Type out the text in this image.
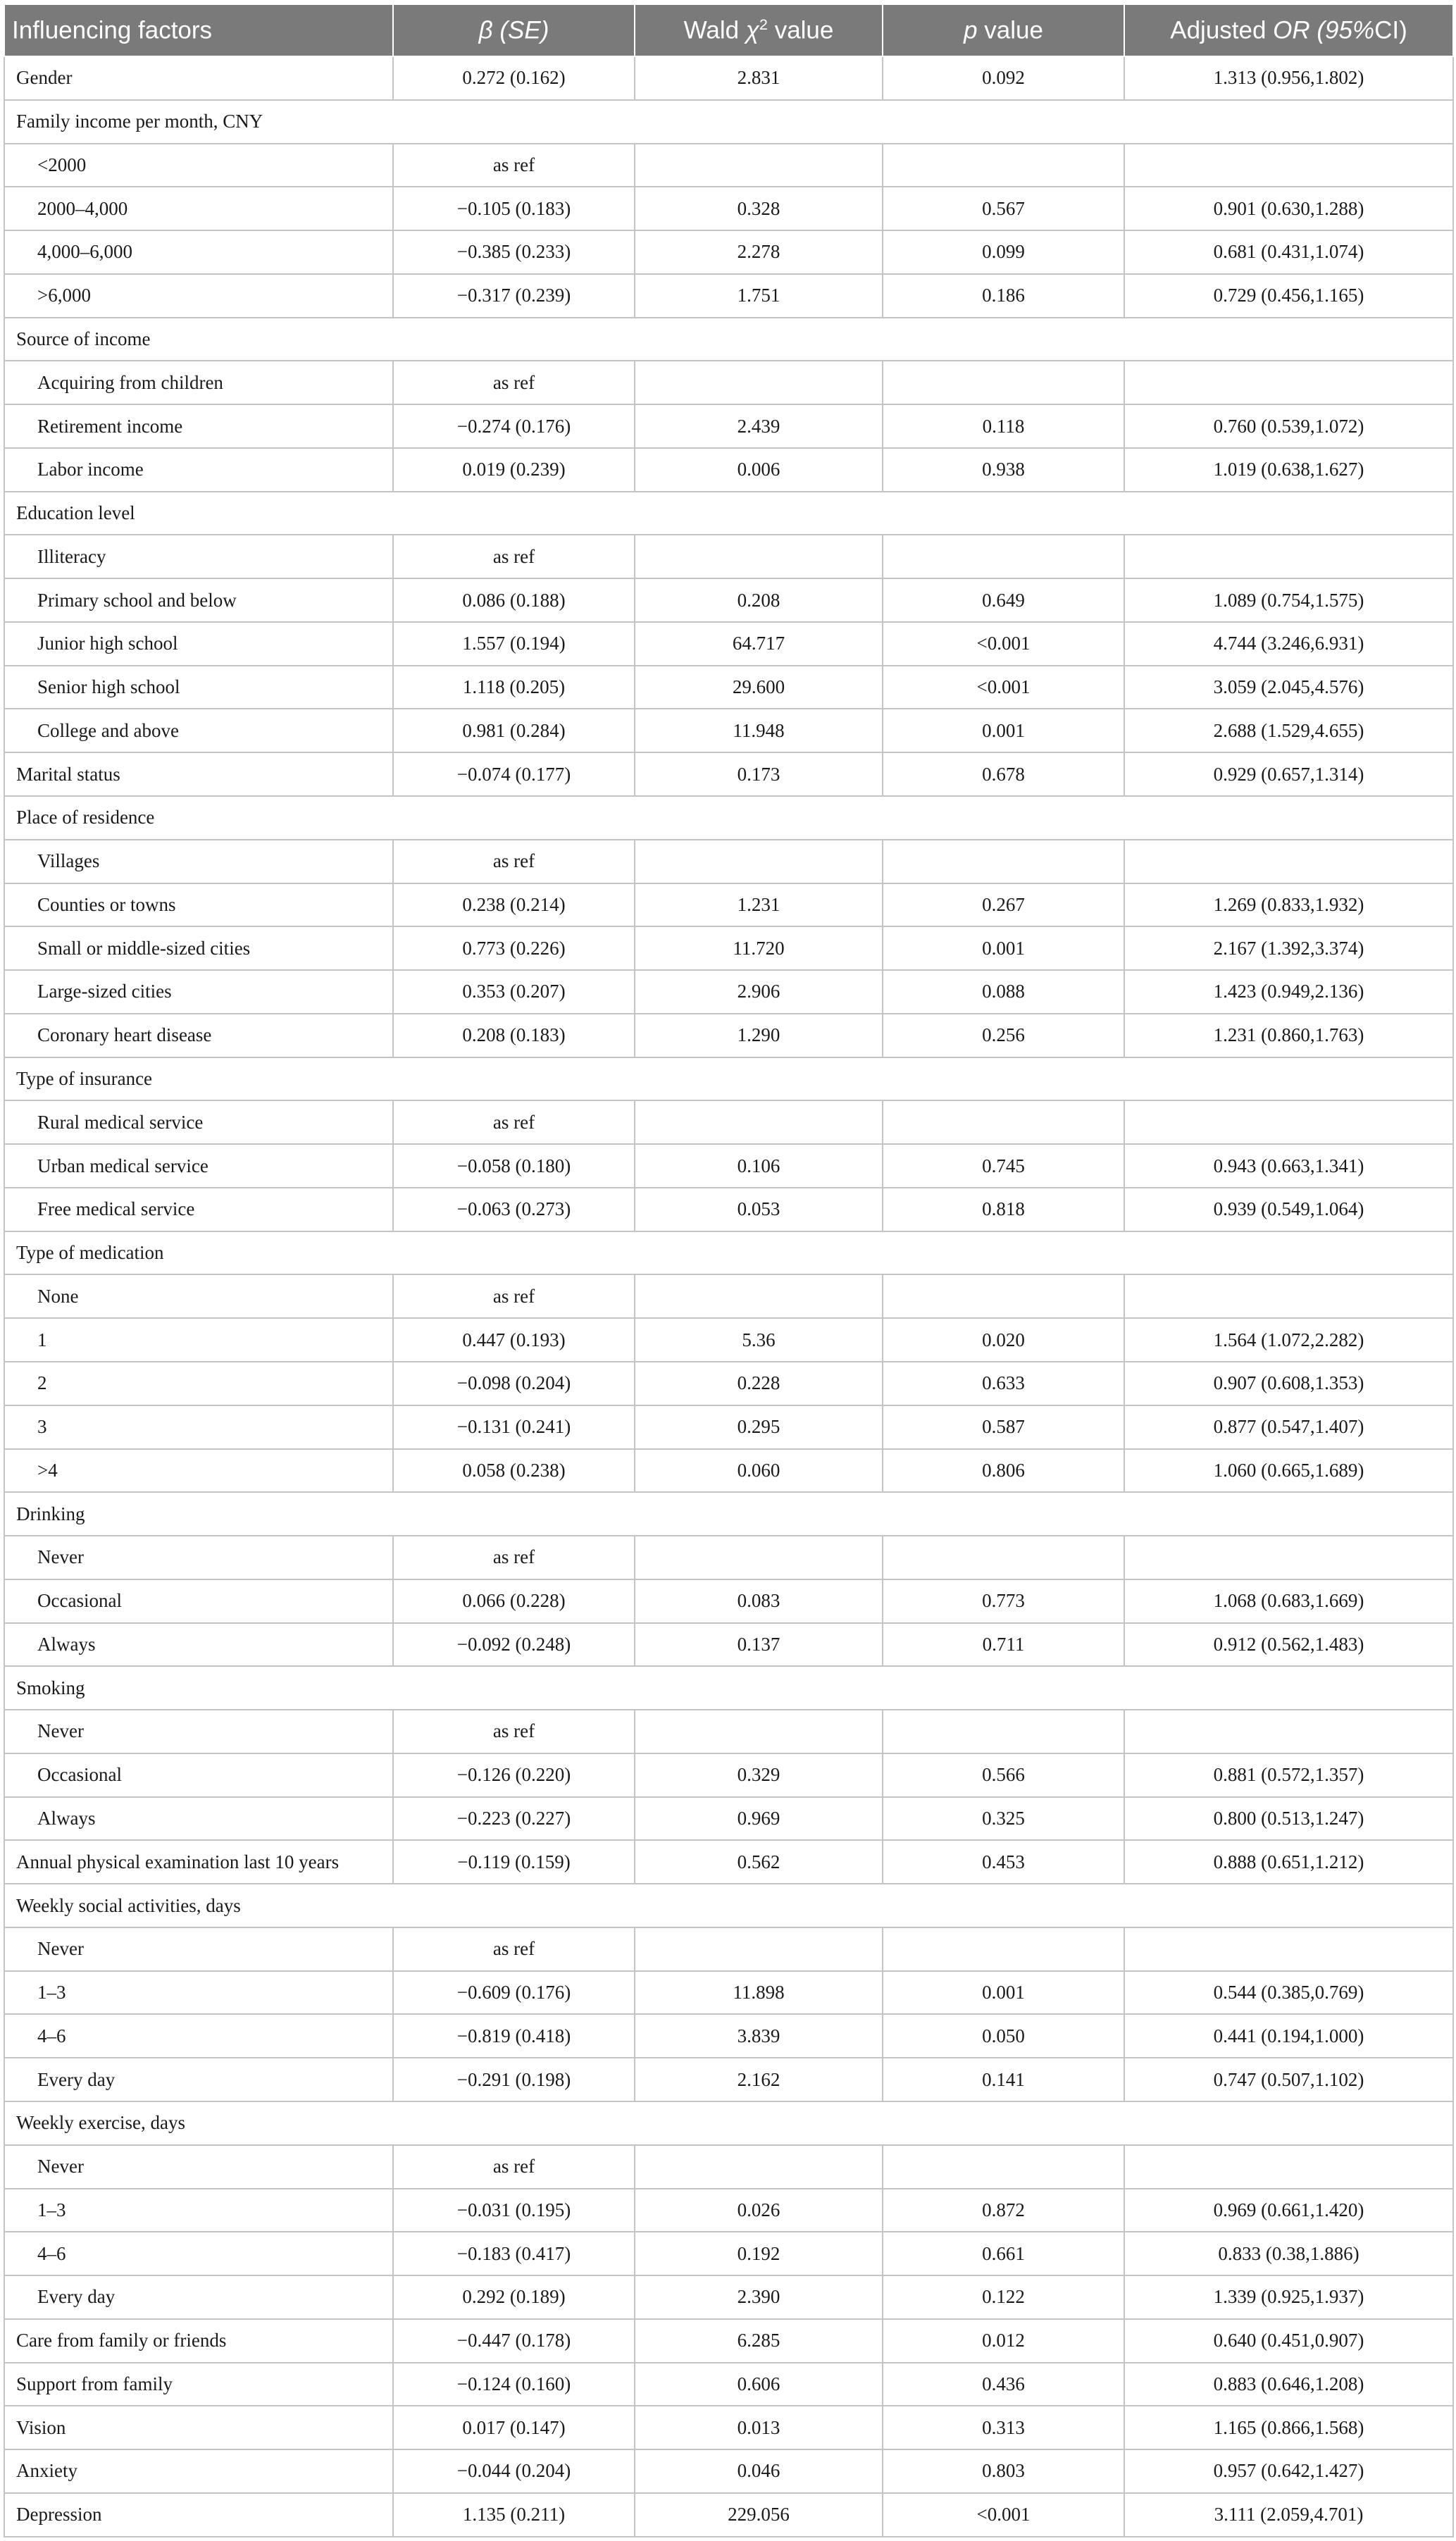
Influencing factors	β (SE)	Wald $\chi^2$ value	p value	Adjusted OR (95%CI)
Gender	0.272 (0.162)	2.831	0.092	1.313 (0.956,1.802)
Family income per month, CNY				
<2000	as ref			
2000–4,000	−0.105 (0.183)	0.328	0.567	0.901 (0.630,1.288)
4,000–6,000	−0.385 (0.233)	2.278	0.099	0.681 (0.431,1.074)
>6,000	−0.317 (0.239)	1.751	0.186	0.729 (0.456,1.165)
Source of income				
Acquiring from children	as ref			
Retirement income	−0.274 (0.176)	2.439	0.118	0.760 (0.539,1.072)
Labor income	0.019 (0.239)	0.006	0.938	1.019 (0.638,1.627)
Education level				
Illiteracy	as ref			
Primary school and below	0.086 (0.188)	0.208	0.649	1.089 (0.754,1.575)
Junior high school	1.557 (0.194)	64.717	<0.001	4.744 (3.246,6.931)
Senior high school	1.118 (0.205)	29.600	<0.001	3.059 (2.045,4.576)
College and above	0.981 (0.284)	11.948	0.001	2.688 (1.529,4.655)
Marital status	−0.074 (0.177)	0.173	0.678	0.929 (0.657,1.314)
Place of residence				
Villages	as ref			
Counties or towns	0.238 (0.214)	1.231	0.267	1.269 (0.833,1.932)
Small or middle-sized cities	0.773 (0.226)	11.720	0.001	2.167 (1.392,3.374)
Large-sized cities	0.353 (0.207)	2.906	0.088	1.423 (0.949,2.136)
Coronary heart disease	0.208 (0.183)	1.290	0.256	1.231 (0.860,1.763)
Type of insurance				
Rural medical service	as ref			
Urban medical service	−0.058 (0.180)	0.106	0.745	0.943 (0.663,1.341)
Free medical service	−0.063 (0.273)	0.053	0.818	0.939 (0.549,1.064)
Type of medication				
None	as ref			
1	0.447 (0.193)	5.36	0.020	1.564 (1.072,2.282)
2	−0.098 (0.204)	0.228	0.633	0.907 (0.608,1.353)
3	−0.131 (0.241)	0.295	0.587	0.877 (0.547,1.407)
>4	0.058 (0.238)	0.060	0.806	1.060 (0.665,1.689)
Drinking				
Never	as ref			
Occasional	0.066 (0.228)	0.083	0.773	1.068 (0.683,1.669)
Always	−0.092 (0.248)	0.137	0.711	0.912 (0.562,1.483)
Smoking				
Never	as ref			
Occasional	−0.126 (0.220)	0.329	0.566	0.881 (0.572,1.357)
Always	−0.223 (0.227)	0.969	0.325	0.800 (0.513,1.247)
Annual physical examination last 10 years	−0.119 (0.159)	0.562	0.453	0.888 (0.651,1.212)
Weekly social activities, days				
Never	as ref			
1–3	−0.609 (0.176)	11.898	0.001	0.544 (0.385,0.769)
4–6	−0.819 (0.418)	3.839	0.050	0.441 (0.194,1.000)
Every day	−0.291 (0.198)	2.162	0.141	0.747 (0.507,1.102)
Weekly exercise, days				
Never	as ref			
1–3	−0.031 (0.195)	0.026	0.872	0.969 (0.661,1.420)
4–6	−0.183 (0.417)	0.192	0.661	0.833 (0.38,1.886)
Every day	0.292 (0.189)	2.390	0.122	1.339 (0.925,1.937)
Care from family or friends	−0.447 (0.178)	6.285	0.012	0.640 (0.451,0.907)
Support from family	−0.124 (0.160)	0.606	0.436	0.883 (0.646,1.208)
Vision	0.017 (0.147)	0.013	0.313	1.165 (0.866,1.568)
Anxiety	−0.044 (0.204)	0.046	0.803	0.957 (0.642,1.427)
Depression	1.135 (0.211)	229.056	<0.001	3.111 (2.059,4.701)
